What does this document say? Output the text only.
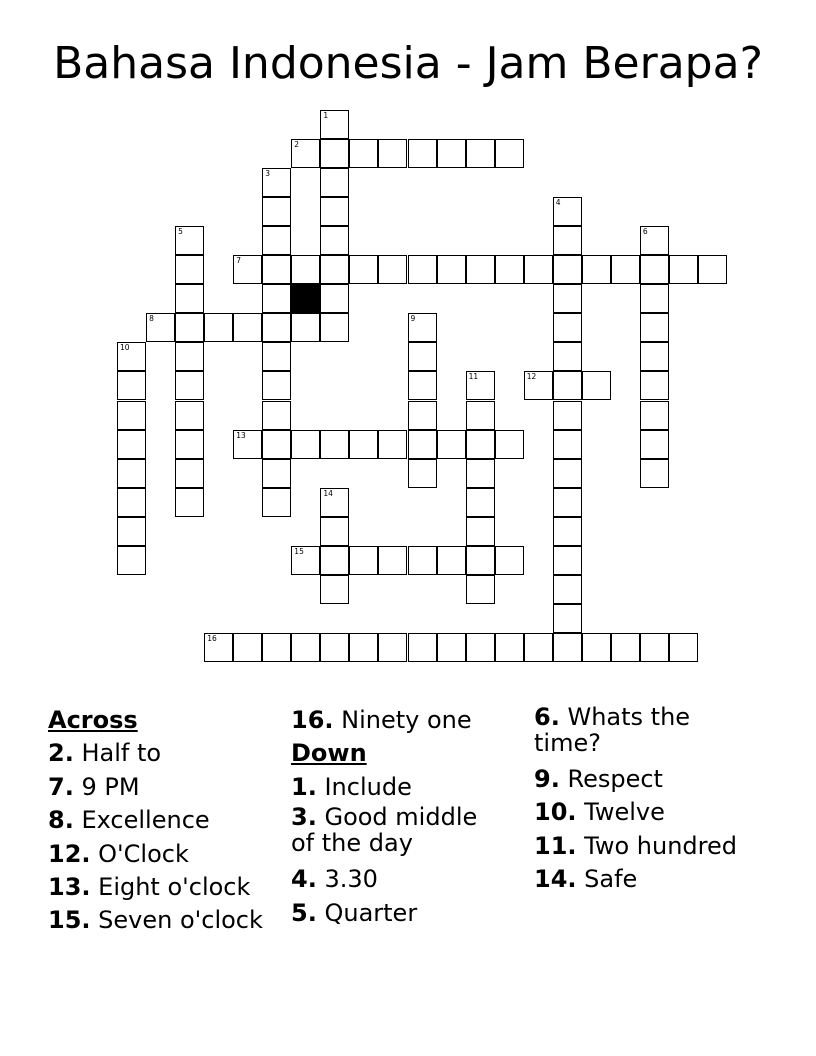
Bahasa Indonesia - Jam Berapa?
1
2
3
4
5	6
7
8	9
10
11	12
13
14
15
16
Across
2. Half to
7. 9 PM
8. Excellence
12. O'Clock
13. Eight o'clock
15. Seven o'clock
16. Ninety one
Down
1. Include
3. Good middle of the day
4. 3.30
5. Quarter
6. Whats the time?
9. Respect
10. Twelve
11. Two hundred
14. Safe
